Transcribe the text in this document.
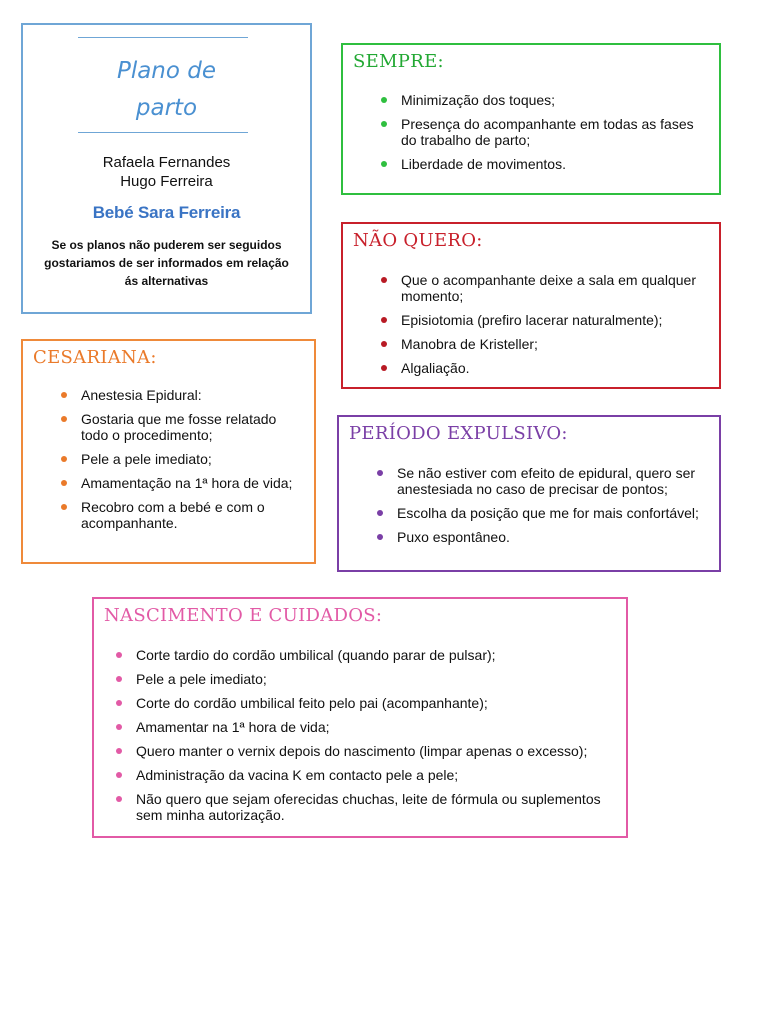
Plano de
parto
Rafaela Fernandes
Hugo Ferreira
Bebé Sara Ferreira
Se os planos não puderem ser seguidos gostariamos de ser informados em relação ás alternativas
SEMPRE:
Minimização dos toques;
Presença do acompanhante em todas as fases do trabalho de parto;
Liberdade de movimentos.
NÃO QUERO:
Que o acompanhante deixe a sala em qualquer momento;
Episiotomia (prefiro lacerar naturalmente);
Manobra de Kristeller;
Algaliação.
CESARIANA:
Anestesia Epidural:
Gostaria que me fosse relatado todo o procedimento;
Pele a pele imediato;
Amamentação na 1ª hora de vida;
Recobro com a bebé e com o acompanhante.
PERÍODO EXPULSIVO:
Se não estiver com efeito de epidural, quero ser anestesiada no caso de precisar de pontos;
Escolha da posição que me for mais confortável;
Puxo espontâneo.
NASCIMENTO E CUIDADOS:
Corte tardio do cordão umbilical (quando parar de pulsar);
Pele a pele imediato;
Corte do cordão umbilical feito pelo pai (acompanhante);
Amamentar na 1ª hora de vida;
Quero manter o vernix depois do nascimento (limpar apenas o excesso);
Administração da vacina K em contacto pele a pele;
Não quero que sejam oferecidas chuchas, leite de fórmula ou suplementos sem minha autorização.
